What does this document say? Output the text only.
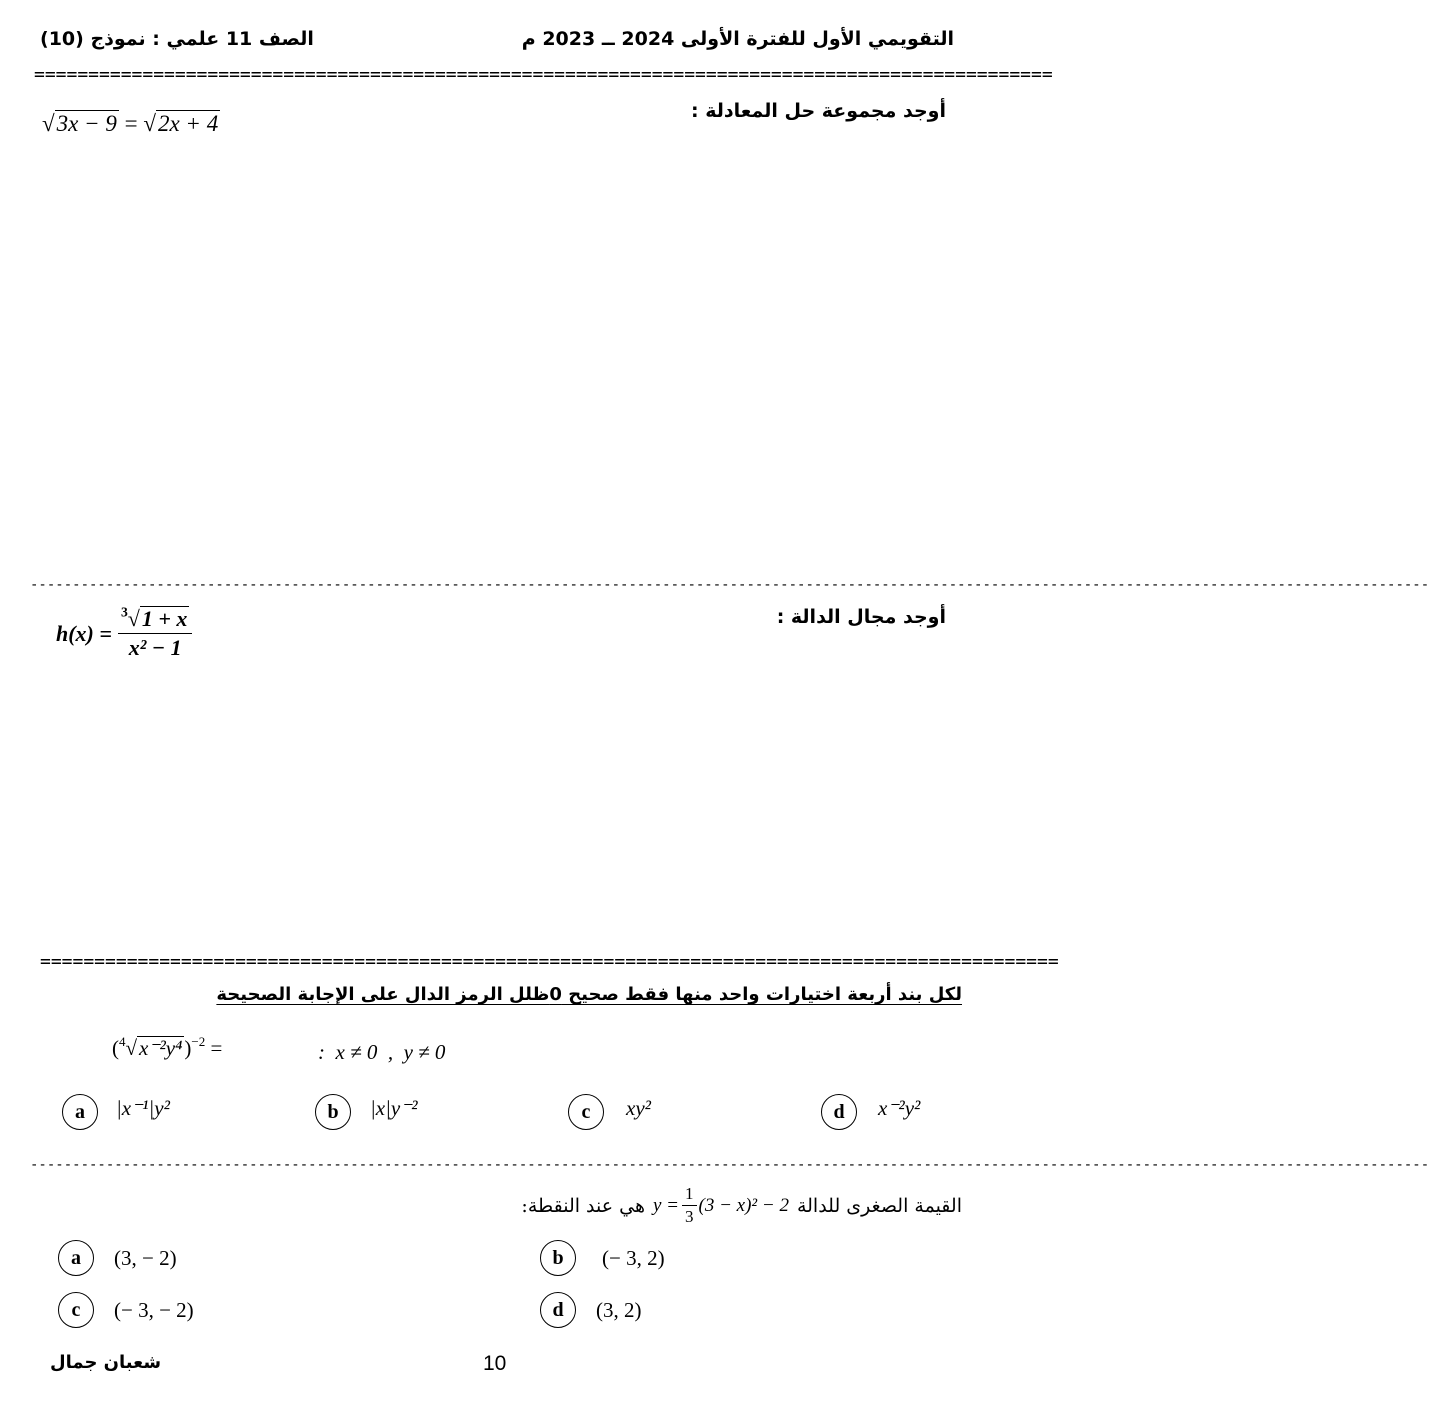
التقويمي الأول للفترة الأولى 2024 ــ 2023 م
الصف 11 علمي : نموذج (10)
==============================================================================================
أوجد مجموعة حل المعادلة :
√3x − 9 = √2x + 4
----------------------------------------------------------------------------------------------------------------------------------------------------------------------
أوجد مجال الدالة :
$h(x) = \frac{^3√1 + x}{\text{x² − 1}}$
==============================================================================================
لكل بند أربعة اختيارات واحد منها فقط صحيح 0ظلل الرمز الدال على الإجابة الصحيحة
$(^4√x^{-2}y^4)^{-2}$ =	:  x ≠ 0  ,  y ≠ 0
a |x⁻¹|y²	b |x|y⁻²	c xy²	d x⁻²y²
----------------------------------------------------------------------------------------------------------------------------------------------------------------------
القيمة الصغرى للدالة
$y = \frac{1}{3} (3 - x)^2 - 2$
هي عند النقطة:
a (3, − 2)	b (− 3, 2)
c (− 3, − 2)	d (3, 2)
شعبان جمال	10
